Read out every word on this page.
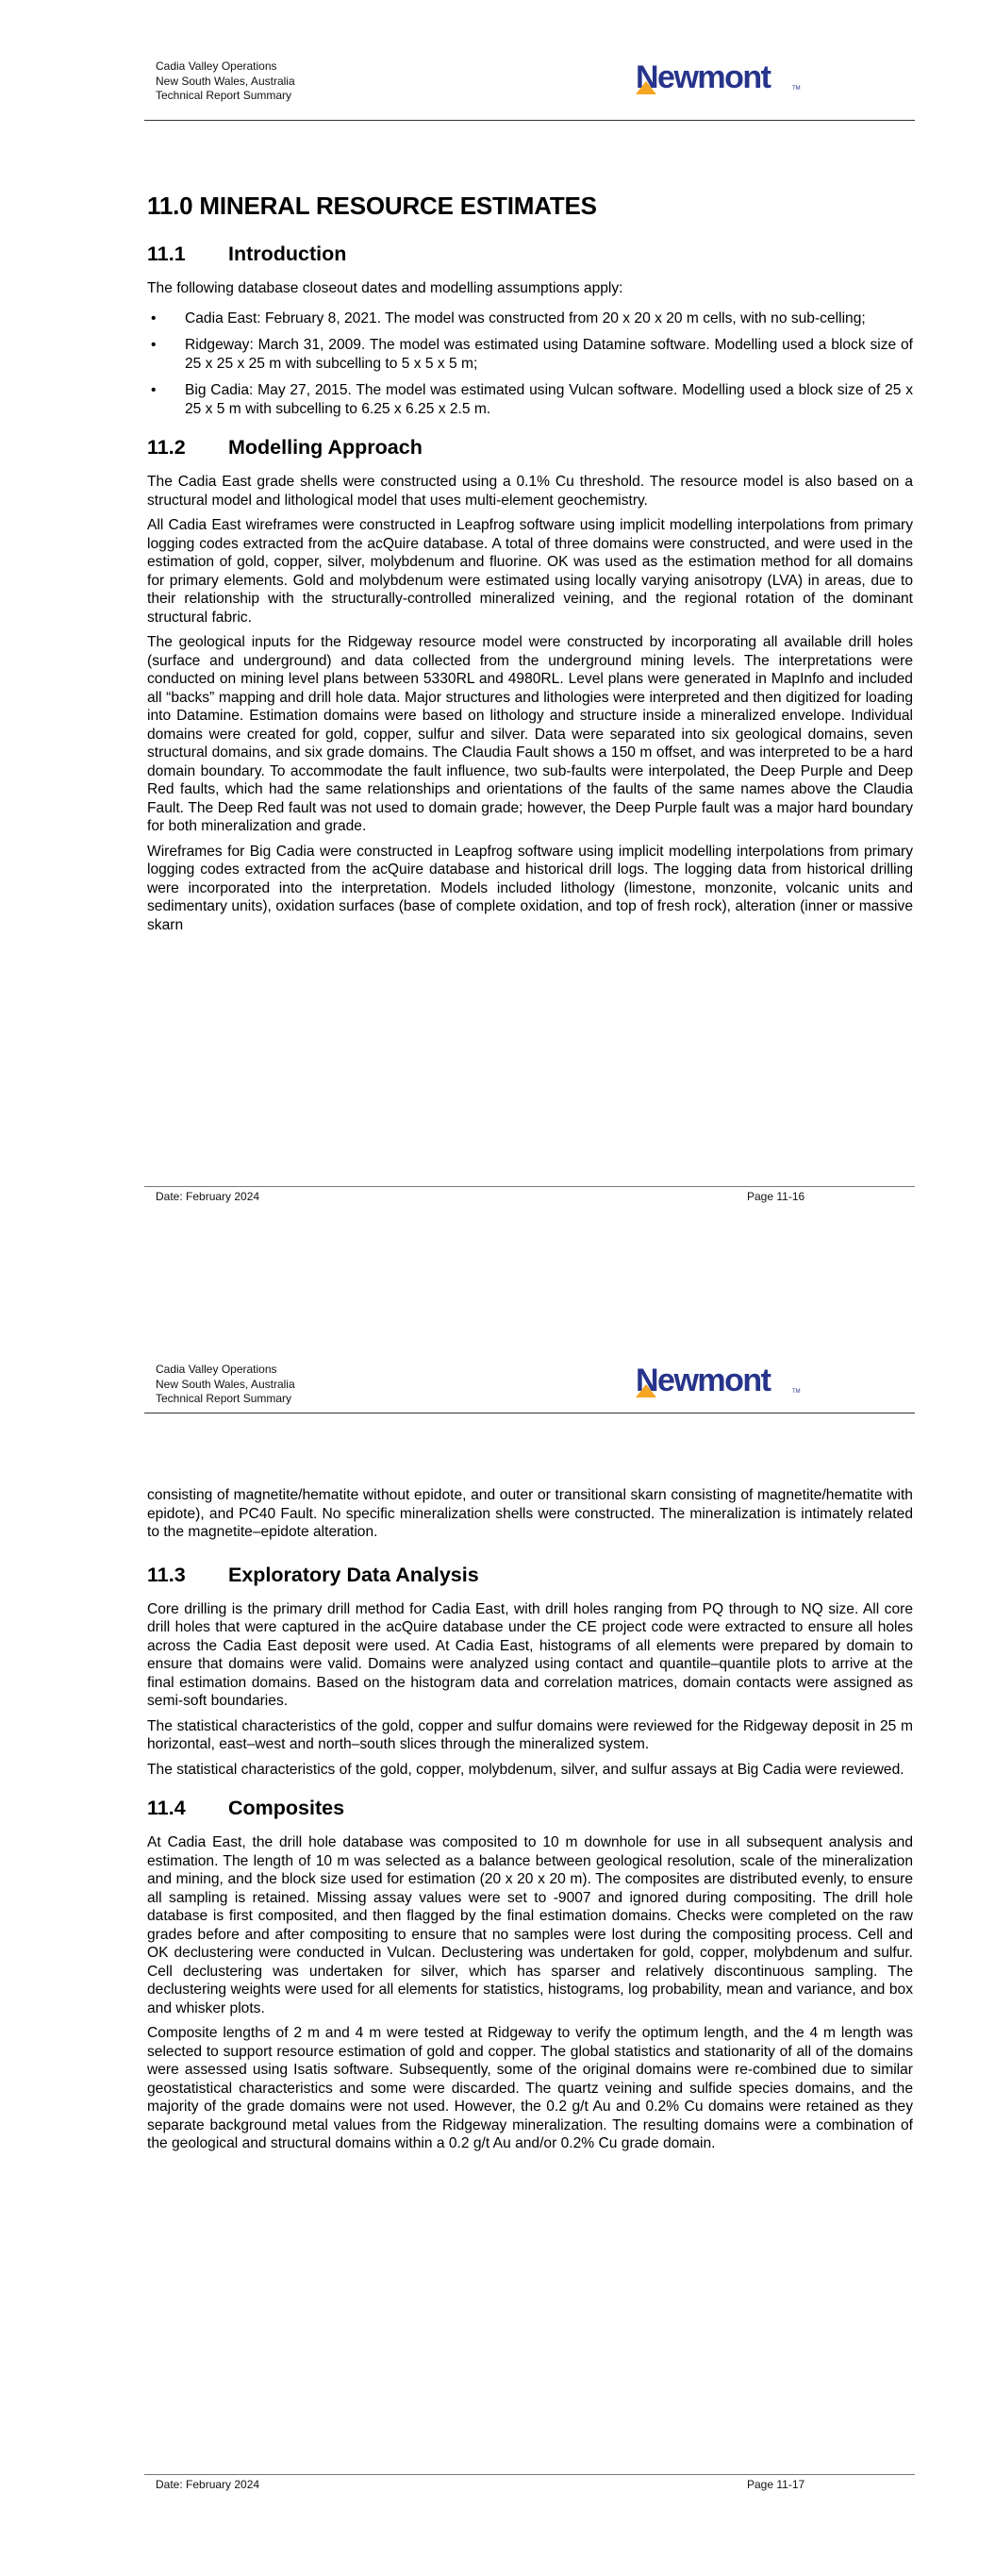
Cadia Valley Operations
New South Wales, Australia
Technical Report Summary	Newmont	TM
11.0 MINERAL RESOURCE ESTIMATES
11.1	Introduction

The following database closeout dates and modelling assumptions apply:

• Cadia East: February 8, 2021. The model was constructed from 20 x 20 x 20 m cells, with no sub-celling;
• Ridgeway: March 31, 2009. The model was estimated using Datamine software. Modelling used a block size of 25 x 25 x 25 m with subcelling to 5 x 5 x 5 m;
• Big Cadia: May 27, 2015. The model was estimated using Vulcan software. Modelling used a block size of 25 x 25 x 5 m with subcelling to 6.25 x 6.25 x 2.5 m.
11.2	Modelling Approach

The Cadia East grade shells were constructed using a 0.1% Cu threshold. The resource model is also based on a structural model and lithological model that uses multi-element geochemistry.

All Cadia East wireframes were constructed in Leapfrog software using implicit modelling interpolations from primary logging codes extracted from the acQuire database. A total of three domains were constructed, and were used in the estimation of gold, copper, silver, molybdenum and fluorine. OK was used as the estimation method for all domains for primary elements. Gold and molybdenum were estimated using locally varying anisotropy (LVA) in areas, due to their relationship with the structurally-controlled mineralized veining, and the regional rotation of the dominant structural fabric.

The geological inputs for the Ridgeway resource model were constructed by incorporating all available drill holes (surface and underground) and data collected from the underground mining levels. The interpretations were conducted on mining level plans between 5330RL and 4980RL. Level plans were generated in MapInfo and included all “backs” mapping and drill hole data. Major structures and lithologies were interpreted and then digitized for loading into Datamine. Estimation domains were based on lithology and structure inside a mineralized envelope. Individual domains were created for gold, copper, sulfur and silver. Data were separated into six geological domains, seven structural domains, and six grade domains. The Claudia Fault shows a 150 m offset, and was interpreted to be a hard domain boundary. To accommodate the fault influence, two sub-faults were interpolated, the Deep Purple and Deep Red faults, which had the same relationships and orientations of the faults of the same names above the Claudia Fault. The Deep Red fault was not used to domain grade; however, the Deep Purple fault was a major hard boundary for both mineralization and grade.

Wireframes for Big Cadia were constructed in Leapfrog software using implicit modelling interpolations from primary logging codes extracted from the acQuire database and historical drill logs. The logging data from historical drilling were incorporated into the interpretation. Models included lithology (limestone, monzonite, volcanic units and sedimentary units), oxidation surfaces (base of complete oxidation, and top of fresh rock), alteration (inner or massive skarn

Date: February 2024	Page 11-16
Cadia Valley Operations
New South Wales, Australia
Technical Report Summary	Newmont	TM

consisting of magnetite/hematite without epidote, and outer or transitional skarn consisting of magnetite/hematite with epidote), and PC40 Fault. No specific mineralization shells were constructed. The mineralization is intimately related to the magnetite–epidote alteration.

11.3	Exploratory Data Analysis

Core drilling is the primary drill method for Cadia East, with drill holes ranging from PQ through to NQ size. All core drill holes that were captured in the acQuire database under the CE project code were extracted to ensure all holes across the Cadia East deposit were used. At Cadia East, histograms of all elements were prepared by domain to ensure that domains were valid. Domains were analyzed using contact and quantile–quantile plots to arrive at the final estimation domains. Based on the histogram data and correlation matrices, domain contacts were assigned as semi-soft boundaries.

The statistical characteristics of the gold, copper and sulfur domains were reviewed for the Ridgeway deposit in 25 m horizontal, east–west and north–south slices through the mineralized system.

The statistical characteristics of the gold, copper, molybdenum, silver, and sulfur assays at Big Cadia were reviewed.

11.4	Composites

At Cadia East, the drill hole database was composited to 10 m downhole for use in all subsequent analysis and estimation. The length of 10 m was selected as a balance between geological resolution, scale of the mineralization and mining, and the block size used for estimation (20 x 20 x 20 m). The composites are distributed evenly, to ensure all sampling is retained. Missing assay values were set to -9007 and ignored during compositing. The drill hole database is first composited, and then flagged by the final estimation domains. Checks were completed on the raw grades before and after compositing to ensure that no samples were lost during the compositing process. Cell and OK declustering were conducted in Vulcan. Declustering was undertaken for gold, copper, molybdenum and sulfur. Cell declustering was undertaken for silver, which has sparser and relatively discontinuous sampling. The declustering weights were used for all elements for statistics, histograms, log probability, mean and variance, and box and whisker plots.

Composite lengths of 2 m and 4 m were tested at Ridgeway to verify the optimum length, and the 4 m length was selected to support resource estimation of gold and copper. The global statistics and stationarity of all of the domains were assessed using Isatis software. Subsequently, some of the original domains were re-combined due to similar geostatistical characteristics and some were discarded. The quartz veining and sulfide species domains, and the majority of the grade domains were not used. However, the 0.2 g/t Au and 0.2% Cu domains were retained as they separate background metal values from the Ridgeway mineralization. The resulting domains were a combination of the geological and structural domains within a 0.2 g/t Au and/or 0.2% Cu grade domain.

Date: February 2024	Page 11-17
